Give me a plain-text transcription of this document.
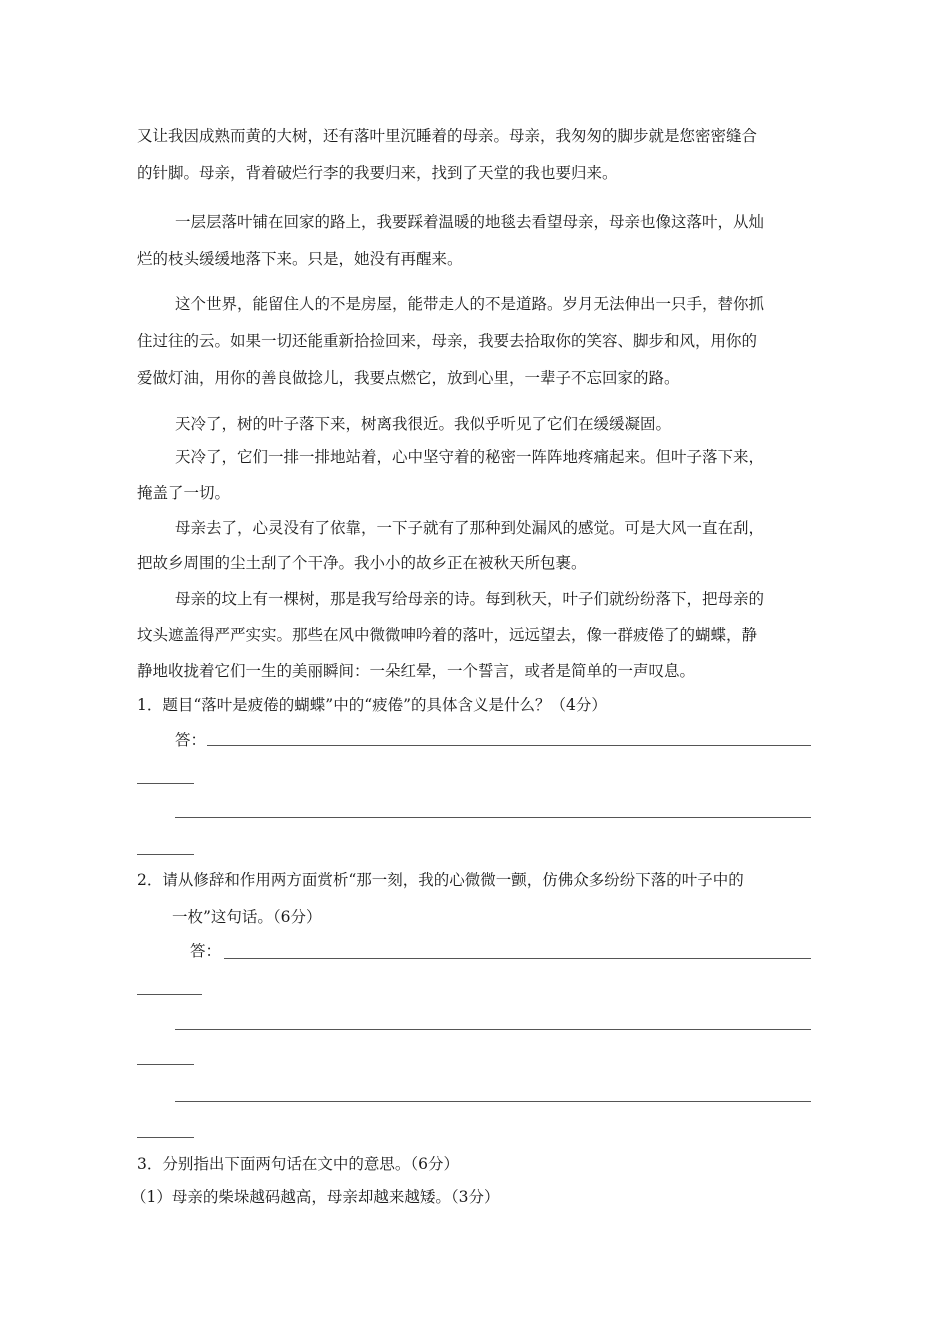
又让我因成熟而黄的大树，还有落叶里沉睡着的母亲。母亲，我匆匆的脚步就是您密密缝合
的针脚。母亲，背着破烂行李的我要归来，找到了天堂的我也要归来。
一层层落叶铺在回家的路上，我要踩着温暖的地毯去看望母亲，母亲也像这落叶，从灿
烂的枝头缓缓地落下来。只是，她没有再醒来。
这个世界，能留住人的不是房屋，能带走人的不是道路。岁月无法伸出一只手，替你抓
住过往的云。如果一切还能重新拾捡回来，母亲，我要去拾取你的笑容、脚步和风，用你的
爱做灯油，用你的善良做捻儿，我要点燃它，放到心里，一辈子不忘回家的路。
天冷了，树的叶子落下来，树离我很近。我似乎听见了它们在缓缓凝固。
天冷了，它们一排一排地站着，心中坚守着的秘密一阵阵地疼痛起来。但叶子落下来，
掩盖了一切。
母亲去了，心灵没有了依靠，一下子就有了那种到处漏风的感觉。可是大风一直在刮，
把故乡周围的尘土刮了个干净。我小小的故乡正在被秋天所包裹。
母亲的坟上有一棵树，那是我写给母亲的诗。每到秋天，叶子们就纷纷落下，把母亲的
坟头遮盖得严严实实。那些在风中微微呻吟着的落叶，远远望去，像一群疲倦了的蝴蝶，静
静地收拢着它们一生的美丽瞬间：一朵红晕，一个誓言，或者是简单的一声叹息。
1．题目“落叶是疲倦的蝴蝶”中的“疲倦”的具体含义是什么？（4分）
答：
2．请从修辞和作用两方面赏析“那一刻，我的心微微一颤，仿佛众多纷纷下落的叶子中的
一枚”这句话。（6分）
答：
3．分别指出下面两句话在文中的意思。（6分）
（1）母亲的柴垛越码越高，母亲却越来越矮。（3分）
